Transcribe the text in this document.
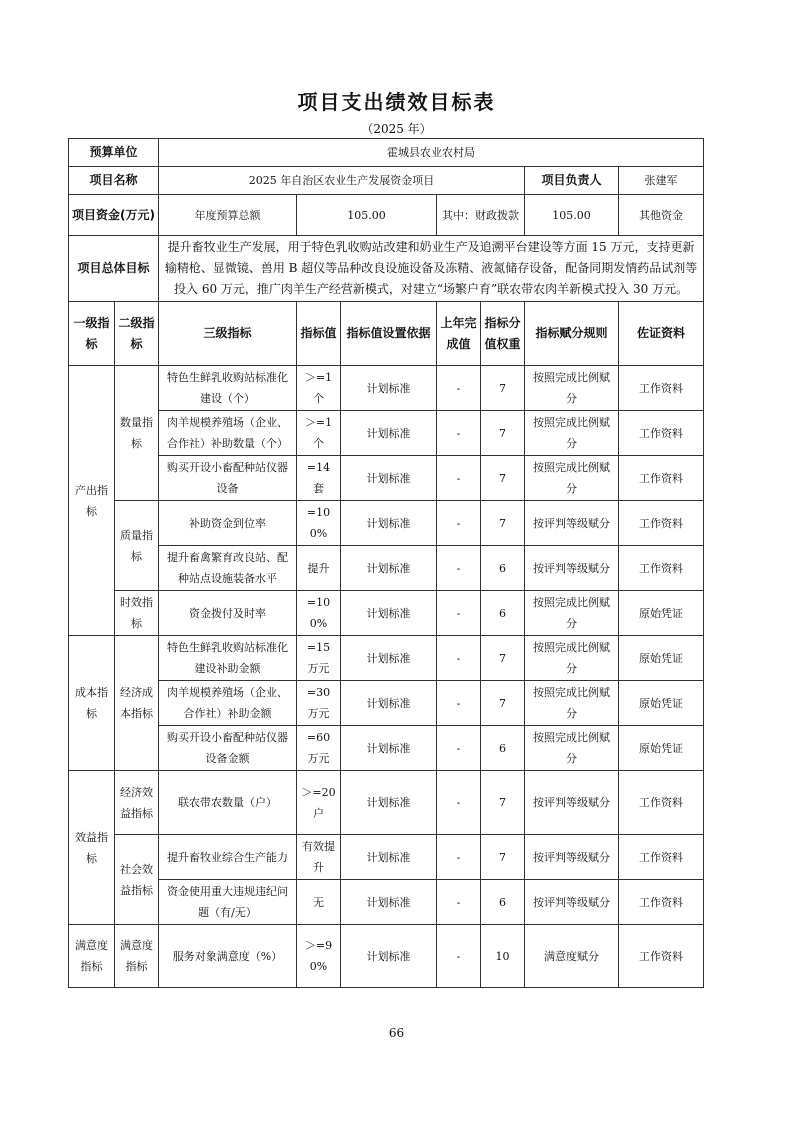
项目支出绩效目标表
（2025 年）
预算单位		霍城县农业农村局						
项目名称		2025 年自治区农业生产发展资金项目					项目负责人	张建军
项目资金(万元)		年度预算总额	105.00		其中：财政拨款		105.00	其他资金
项目总体目标		提升畜牧业生产发展，用于特色乳收购站改建和奶业生产及追溯平台建设等方面 15 万元，支持更新输精枪、显微镜、兽用 B 超仪等品种改良设施设备及冻精、液氮储存设备，配备同期发情药品试剂等投入 60 万元，推广肉羊生产经营新模式，对建立“场繁户育”联农带农肉羊新模式投入 30 万元。						
一级指标	二级指标	三级指标	指标值	指标值设置依据	上年完成值	指标分值权重	指标赋分规则	佐证资料
产出指标	数量指标	特色生鲜乳收购站标准化建设（个）	＞=1个	计划标准	-	7	按照完成比例赋分	工作资料
		肉羊规模养殖场（企业、合作社）补助数量（个）	＞=1个	计划标准	-	7	按照完成比例赋分	工作资料
		购买开设小畜配种站仪器设备	=14 套	计划标准	-	7	按照完成比例赋分	工作资料
	质量指标	补助资金到位率	=100%	计划标准	-	7	按评判等级赋分	工作资料
		提升畜禽繁育改良站、配种站点设施装备水平	提升	计划标准	-	6	按评判等级赋分	工作资料
	时效指标	资金拨付及时率	=100%	计划标准	-	6	按照完成比例赋分	原始凭证
成本指标	经济成本指标	特色生鲜乳收购站标准化建设补助金额	=15 万元	计划标准	-	7	按照完成比例赋分	原始凭证
		肉羊规模养殖场（企业、合作社）补助金额	=30 万元	计划标准	-	7	按照完成比例赋分	原始凭证
		购买开设小畜配种站仪器设备金额	=60 万元	计划标准	-	6	按照完成比例赋分	原始凭证
效益指标	经济效益指标	联农带农数量（户）	＞=20户	计划标准	-	7	按评判等级赋分	工作资料
	社会效益指标	提升畜牧业综合生产能力	有效提升	计划标准	-	7	按评判等级赋分	工作资料
		资金使用重大违规违纪问题（有/无）	无	计划标准	-	6	按评判等级赋分	工作资料
满意度指标	满意度指标	服务对象满意度（%）	＞=90%	计划标准	-	10	满意度赋分	工作资料
66
